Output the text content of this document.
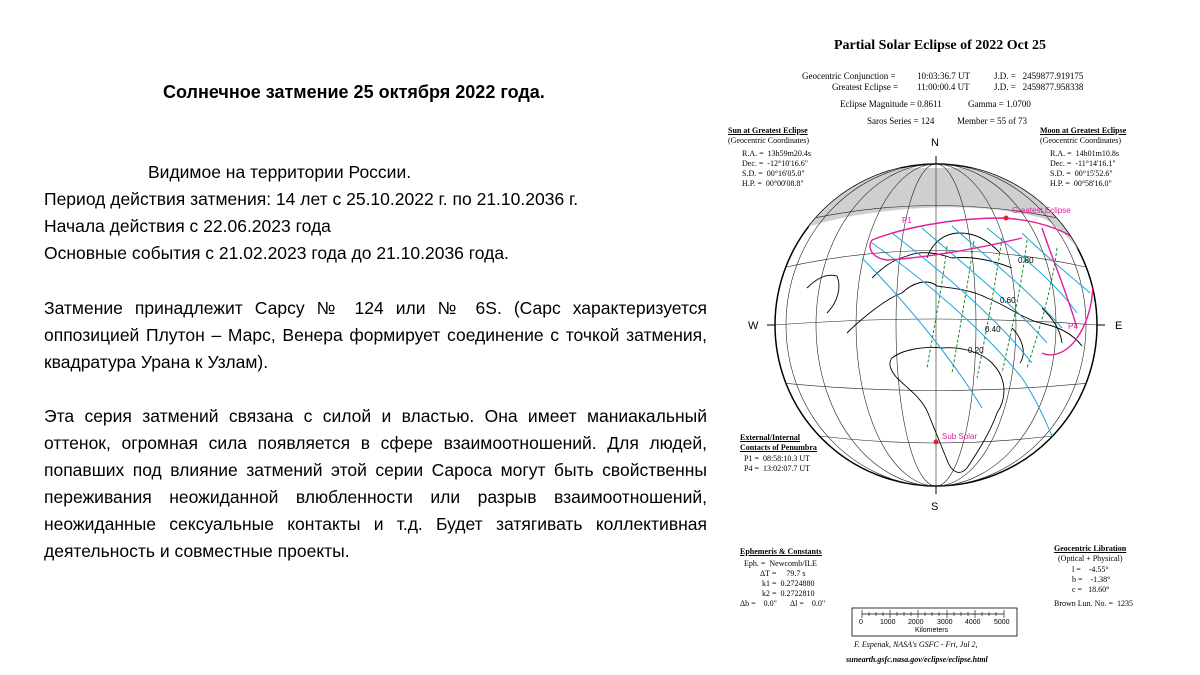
Солнечное затмение 25 октября 2022 года.

Видимое на территории России.

Период действия затмения: 14 лет с 25.10.2022 г. по 21.10.2036 г.

Начала действия с 22.06.2023 года

Основные события с 21.02.2023 года до 21.10.2036 года.

Затмение принадлежит Сарсу № 124 или № 6S. (Сарс характеризуется оппозицией Плутон – Марс, Венера формирует соединение с точкой затмения, квадратура Урана к Узлам).
Эта серия затмений связана с силой и властью. Она имеет маниакальный оттенок, огромная сила появляется в сфере взаимоотношений. Для людей, попавших под влияние затмений этой серии Сароса могут быть свойственны переживания неожиданной влюбленности или разрыв взаимоотношений, неожиданные сексуальные контакты и т.д. Будет затягивать коллективная деятельность и совместные проекты.
Partial Solar Eclipse of 2022 Oct 25
Geocentric Conjunction = 10:03:36.7 UT	J.D. =   2459877.919175
Greatest Eclipse = 11:00:00.4 UT	J.D. =   2459877.958338
Eclipse Magnitude = 0.8611	Gamma = 1.0700
Saros Series = 124	Member = 55 of 73
Sun at Greatest Eclipse
(Geocentric Coordinates)
R.A. =  13h59m20.4s
Dec. =  -12°10'16.6"
S.D. =  00°16'05.0"
H.P. =  00°00'08.8"
Moon at Greatest Eclipse
(Geocentric Coordinates)
R.A. =  14h01m10.8s
Dec. =  -11°14'16.1"
S.D. =  00°15'52.6"
H.P. =  00°58'16.0"
N
S
E
W
Greatest Eclipse
Sub Solar
P1
P4
0.80
0.60
0.40
0.20
External/Internal
Contacts of Penumbra
P1 =  08:58:10.3 UT
P4 =  13:02:07.7 UT
Ephemeris & Constants
Eph. =  Newcomb/ILE
ΔT =     79.7 s
k1 =  0.2724880
k2 =  0.2722810
Δb =    0.0" Δl =    0.0"
Geocentric Libration
(Optical + Physical)
l =    -4.55°
b =    -1.38°
c =   18.60°
Brown Lun. No. =  1235
0 1000 2000 3000 4000 5000
Kilometers
F. Espenak, NASA's GSFC - Fri, Jul 2,
sunearth.gsfc.nasa.gov/eclipse/eclipse.html
